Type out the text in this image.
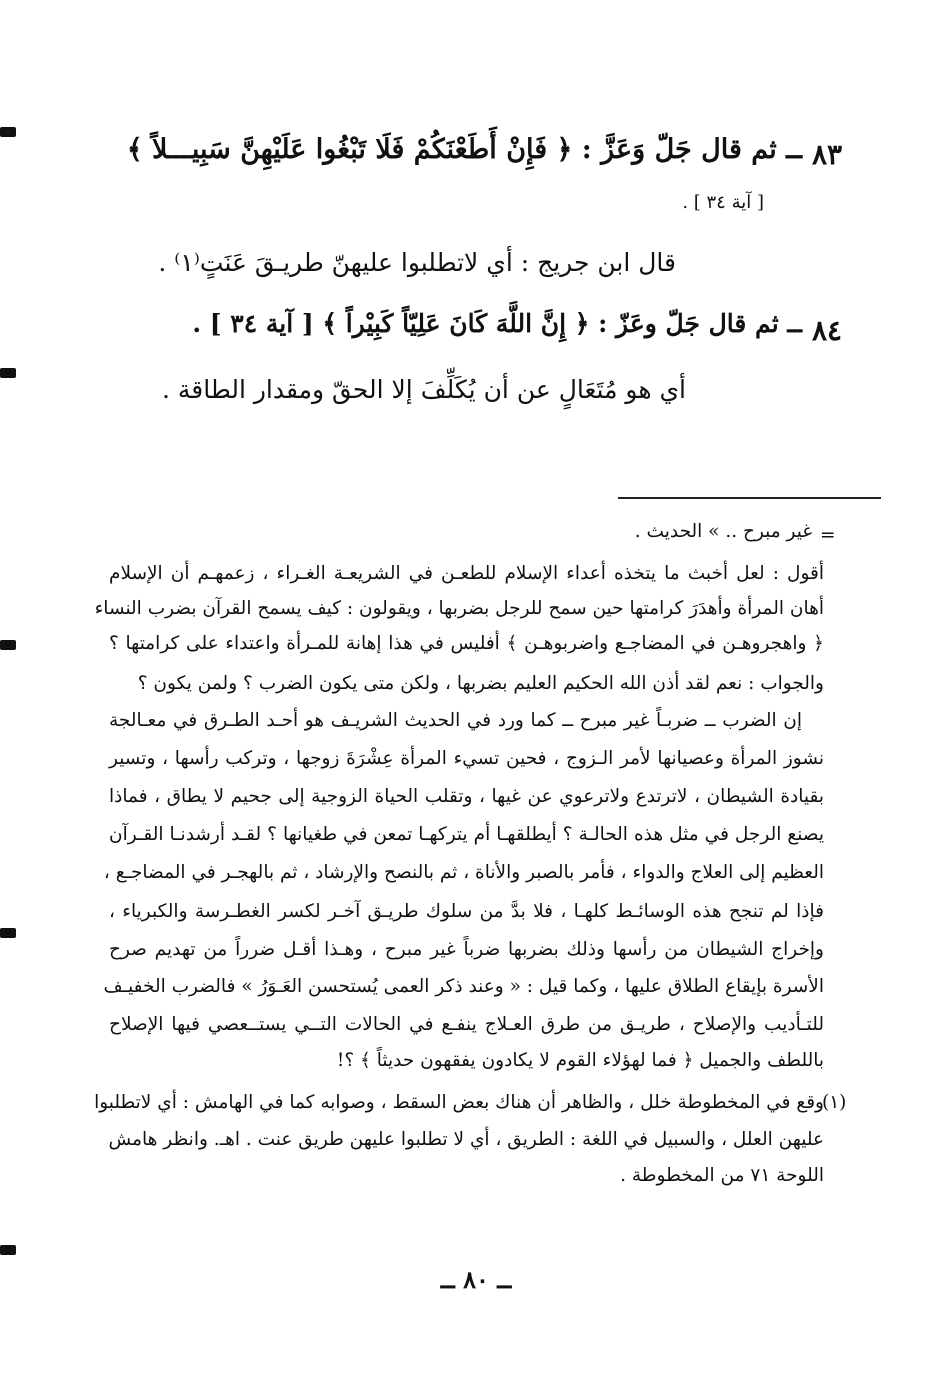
٨٣
ــ ثم قال جَلّ وَعَزَّ : ﴿ فَإِنْ أَطَعْنَكُمْ فَلَا تَبْغُوا عَلَيْهِنَّ سَبِيـــلاً ﴾
[ آية ٣٤ ] .
قال ابن جريج : أي لاتطلبوا عليهنّ طريـقَ عَنَتٍ⁽١⁾ .
٨٤
ــ ثم قال جَلّ وعَزّ : ﴿ إِنَّ اللَّهَ كَانَ عَلِيّاً كَبِيْراً ﴾ [ آية ٣٤ ] .
أي هو مُتَعَالٍ عن أن يُكَلِّفَ إلا الحقّ ومقدار الطاقة .
=
غير مبرح .. » الحديث .
أقول : لعل أخبث ما يتخذه أعداء الإسلام للطعـن في الشريعـة الغـراء ، زعمهـم أن الإسلام
أهان المرأة وأهدَرَ كرامتها حين سمح للرجل بضربها ، ويقولون : كيف يسمح القرآن بضرب النساء
﴿ واهجروهـن في المضاجـع واضربوهـن ﴾ أفليس في هذا إهانة للمـرأة واعتداء على كرامتها ؟
والجواب : نعم لقد أذن الله الحكيم العليم بضربها ، ولكن متى يكون الضرب ؟ ولمن يكون ؟
إن الضرب ــ ضربـاً غير مبرح ــ كما ورد في الحديث الشريـف هو أحـد الطـرق في معـالجة
نشوز المرأة وعصيانها لأمر الـزوج ، فحين تسيء المرأة عِشْرَةَ زوجها ، وتركب رأسها ، وتسير
بقيادة الشيطان ، لاترتدع ولاترعوي عن غيها ، وتقلب الحياة الزوجية إلى جحيم لا يطاق ، فماذا
يصنع الرجل في مثل هذه الحالـة ؟ أيطلقهـا أم يتركهـا تمعن في طغيانها ؟ لقـد أرشدنـا القـرآن
العظيم إلى العلاج والدواء ، فأمر بالصبر والأناة ، ثم بالنصح والإرشاد ، ثم بالهجـر في المضاجـع ،
فإذا لم تنجح هذه الوسائـط كلهـا ، فلا بدَّ من سلوك طريـق آخـر لكسر الغطـرسة والكبرياء ،
وإخراج الشيطان من رأسها وذلك بضربها ضرباً غير مبرح ، وهـذا أقـل ضرراً من تهديم صرح
الأسرة بإيقاع الطلاق عليها ، وكما قيل : « وعند ذكر العمى يُستحسن العَـوَرُ » فالضرب الخفيـف
للتـأديب والإصلاح ، طريـق من طرق العـلاج ينفـع في الحالات التــي يستــعصي فيها الإصلاح
باللطف والجميل ﴿ فما لهؤلاء القوم لا يكادون يفقهون حديثاً ﴾ ؟!
(١)
وقع في المخطوطة خلل ، والظاهر أن هناك بعض السقط ، وصوابه كما في الهامش : أي لاتطلبوا
عليهن العلل ، والسبيل في اللغة : الطريق ، أي لا تطلبوا عليهن طريق عنت . اهـ. وانظر هامش
اللوحة ٧١ من المخطوطة .
ــ ٨٠ ــ
